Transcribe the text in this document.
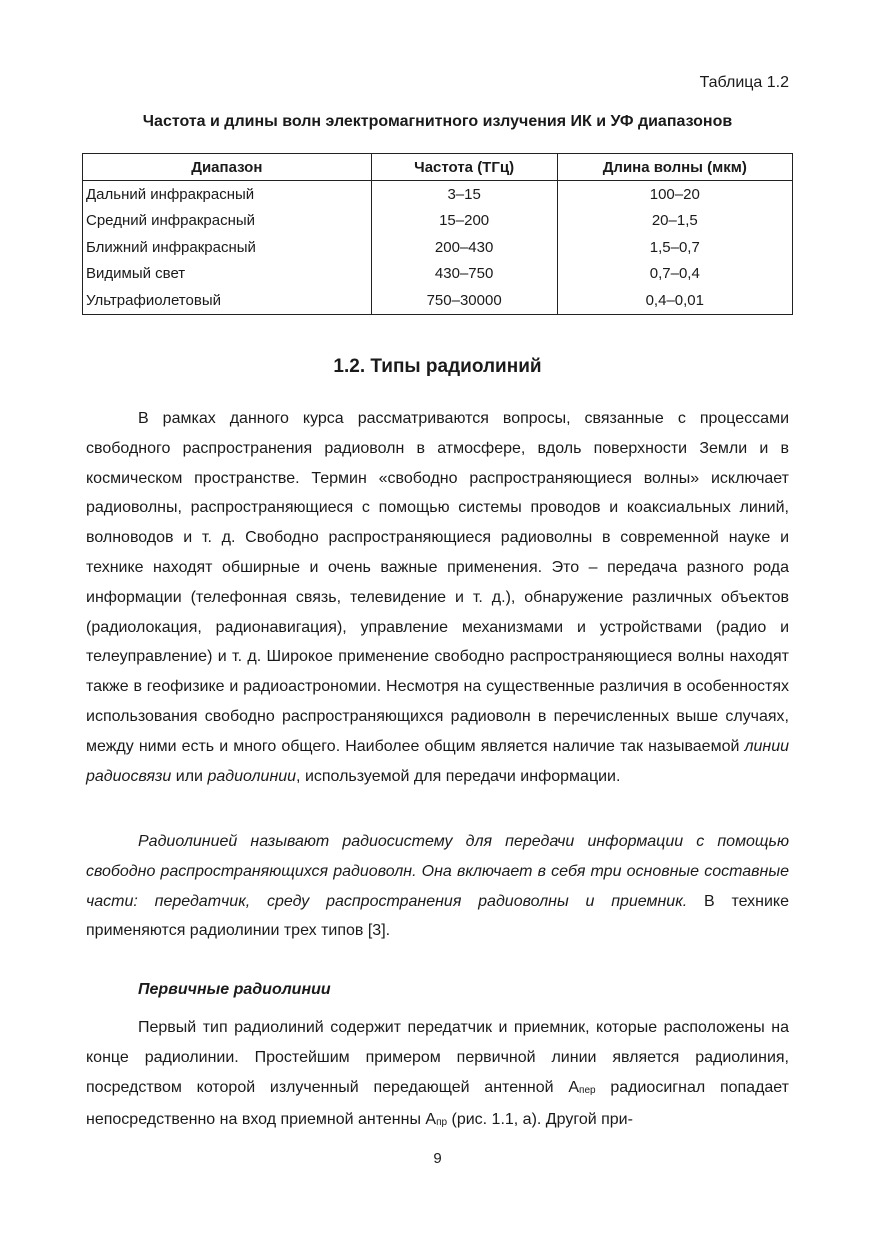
Таблица 1.2
Частота и длины волн электромагнитного излучения ИК и УФ диапазонов
Диапазон	Частота (ТГц)	Длина волны (мкм)
Дальний инфракрасный	3–15	100–20
Средний инфракрасный	15–200	20–1,5
Ближний инфракрасный	200–430	1,5–0,7
Видимый свет	430–750	0,7–0,4
Ультрафиолетовый	750–30000	0,4–0,01
1.2. Типы радиолиний

В рамках данного курса рассматриваются вопросы, связанные с процессами свободного распространения радиоволн в атмосфере, вдоль поверхности Земли и в космическом пространстве. Термин «свободно распространяющиеся волны» исключает радиоволны, распространяющиеся с помощью системы проводов и коаксиальных линий, волноводов и т. д. Свободно распространяющиеся радиоволны в современной науке и технике находят обширные и очень важные применения. Это – передача разного рода информации (телефонная связь, телевидение и т. д.), обнаружение различных объектов (радиолокация, радионавигация), управление механизмами и устройствами (радио и телеуправление) и т. д. Широкое применение свободно распространяющиеся волны находят также в геофизике и радиоастрономии. Несмотря на существенные различия в особенностях использования свободно распространяющихся радиоволн в перечисленных выше случаях, между ними есть и много общего. Наиболее общим является наличие так называемой линии радиосвязи или радиолинии, используемой для передачи информации.

Радиолинией называют радиосистему для передачи информации с помощью свободно распространяющихся радиоволн. Она включает в себя три основные составные части: передатчик, среду распространения радиоволны и приемник. В технике применяются радиолинии трех типов [3].

Первичные радиолинии

Первый тип радиолиний содержит передатчик и приемник, которые расположены на конце радиолинии. Простейшим примером первичной линии является радиолиния, посредством которой излученный передающей антенной $А_{пер}$ радиосигнал попадает непосредственно на вход приемной антенны $А_{пр}$ (рис. 1.1, а). Другой при-

9
